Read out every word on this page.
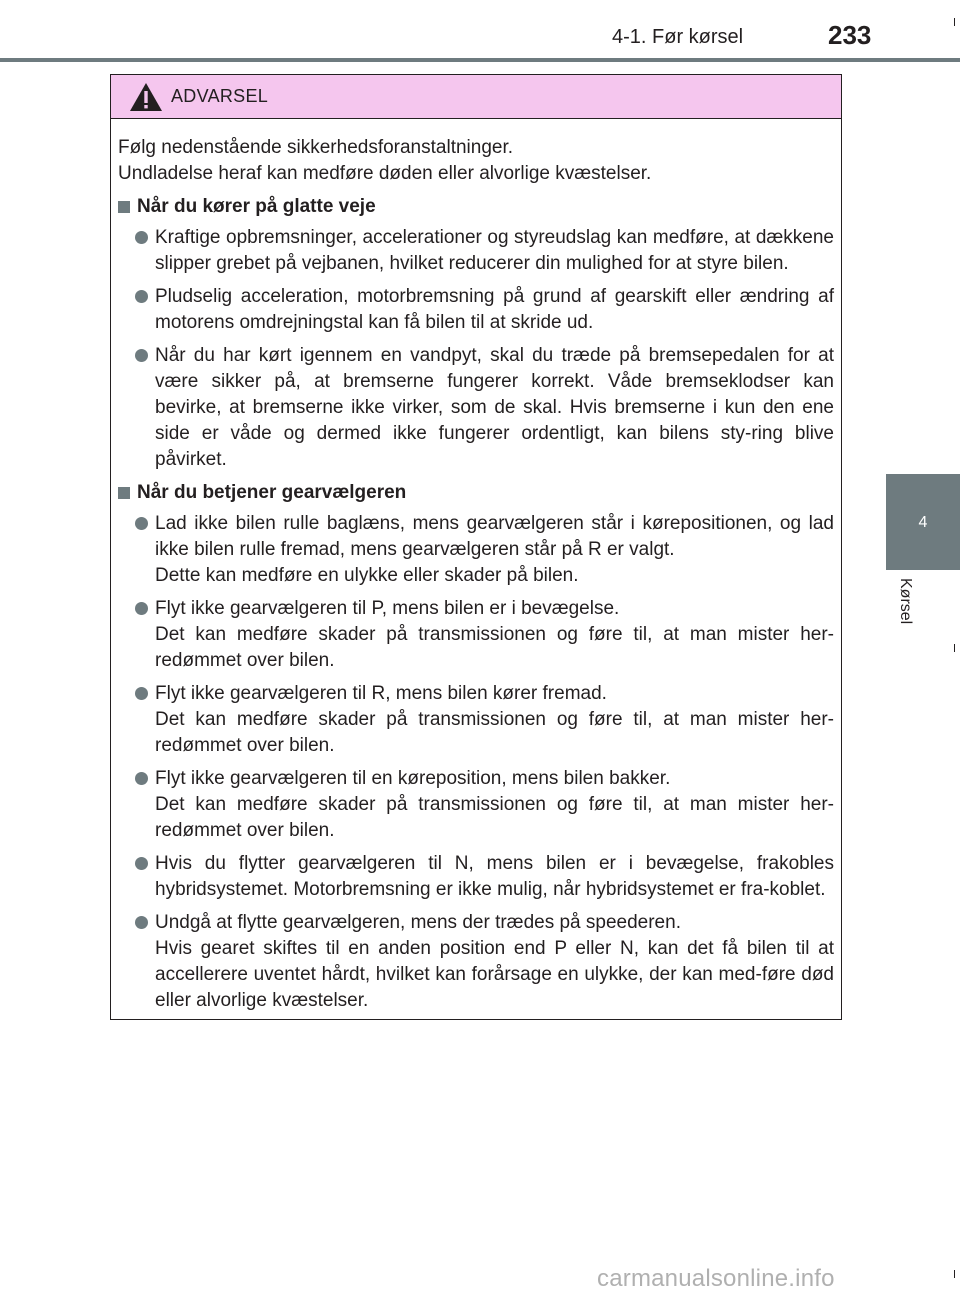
4-1. Før kørsel	233
4
Kørsel
ADVARSEL

Følg nedenstående sikkerhedsforanstaltninger.

Undladelse heraf kan medføre døden eller alvorlige kvæstelser.

Når du kører på glatte veje
Kraftige opbremsninger, accelerationer og styreudslag kan medføre, at dækkene slipper grebet på vejbanen, hvilket reducerer din mulighed for at styre bilen.
Pludselig acceleration, motorbremsning på grund af gearskift eller ændring af motorens omdrejningstal kan få bilen til at skride ud.
Når du har kørt igennem en vandpyt, skal du træde på bremsepedalen for at være sikker på, at bremserne fungerer korrekt. Våde bremseklodser kan bevirke, at bremserne ikke virker, som de skal. Hvis bremserne i kun den ene side er våde og dermed ikke fungerer ordentligt, kan bilens sty-ring blive påvirket.
Når du betjener gearvælgeren
Lad ikke bilen rulle baglæns, mens gearvælgeren står i kørepositionen, og lad ikke bilen rulle fremad, mens gearvælgeren står på R er valgt.
Dette kan medføre en ulykke eller skader på bilen.
Flyt ikke gearvælgeren til P, mens bilen er i bevægelse.
Det kan medføre skader på transmissionen og føre til, at man mister her-redømmet over bilen.
Flyt ikke gearvælgeren til R, mens bilen kører fremad.
Det kan medføre skader på transmissionen og føre til, at man mister her-redømmet over bilen.
Flyt ikke gearvælgeren til en køreposition, mens bilen bakker.
Det kan medføre skader på transmissionen og føre til, at man mister her-redømmet over bilen.
Hvis du flytter gearvælgeren til N, mens bilen er i bevægelse, frakobles hybridsystemet. Motorbremsning er ikke mulig, når hybridsystemet er fra-koblet.
Undgå at flytte gearvælgeren, mens der trædes på speederen.
Hvis gearet skiftes til en anden position end P eller N, kan det få bilen til at accellerere uventet hårdt, hvilket kan forårsage en ulykke, der kan med-føre død eller alvorlige kvæstelser.
carmanualsonline.info
